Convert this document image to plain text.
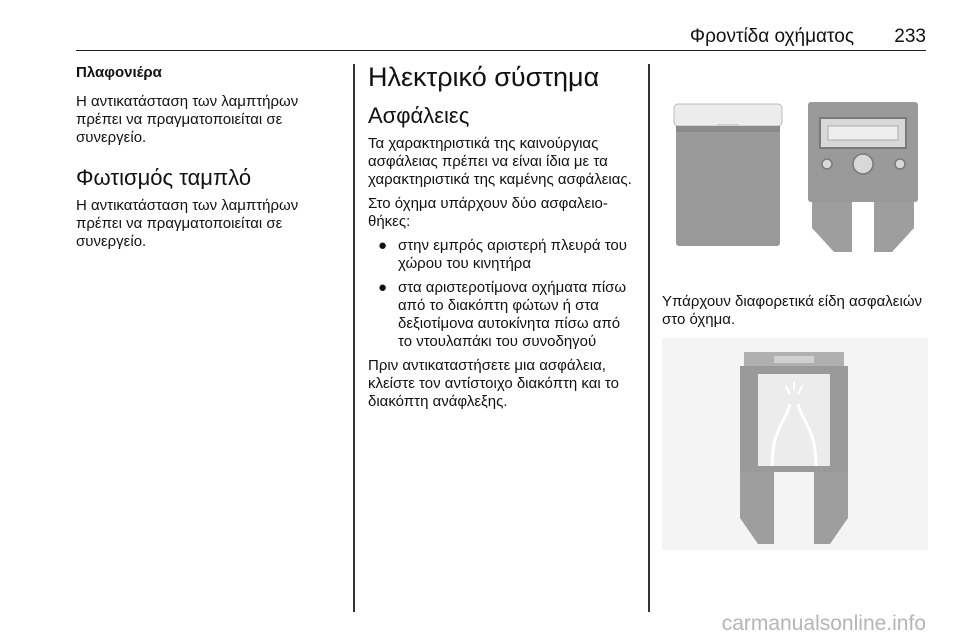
Φροντίδα οχήματος 233
Πλαφονιέρα
Η αντικατάσταση των λαμπτήρων πρέπει να πραγματοποιείται σε συνεργείο.
Φωτισμός ταμπλό
Η αντικατάσταση των λαμπτήρων πρέπει να πραγματοποιείται σε συνεργείο.
Ηλεκτρικό σύστημα
Ασφάλειες
Τα χαρακτηριστικά της καινούργιας ασφάλειας πρέπει να είναι ίδια με τα χαρακτηριστικά της καμένης ασφάλειας.
Στο όχημα υπάρχουν δύο ασφαλειοθήκες:
● στην εμπρός αριστερή πλευρά του χώρου του κινητήρα
● στα αριστεροτίμονα οχήματα πίσω από το διακόπτη φώτων ή στα δεξιοτίμονα αυτοκίνητα πίσω από το ντουλαπάκι του συνοδηγού
Πριν αντικαταστήσετε μια ασφάλεια, κλείστε τον αντίστοιχο διακόπτη και το διακόπτη ανάφλεξης.
Υπάρχουν διαφορετικά είδη ασφαλειών στο όχημα.
carmanualsonline.info
